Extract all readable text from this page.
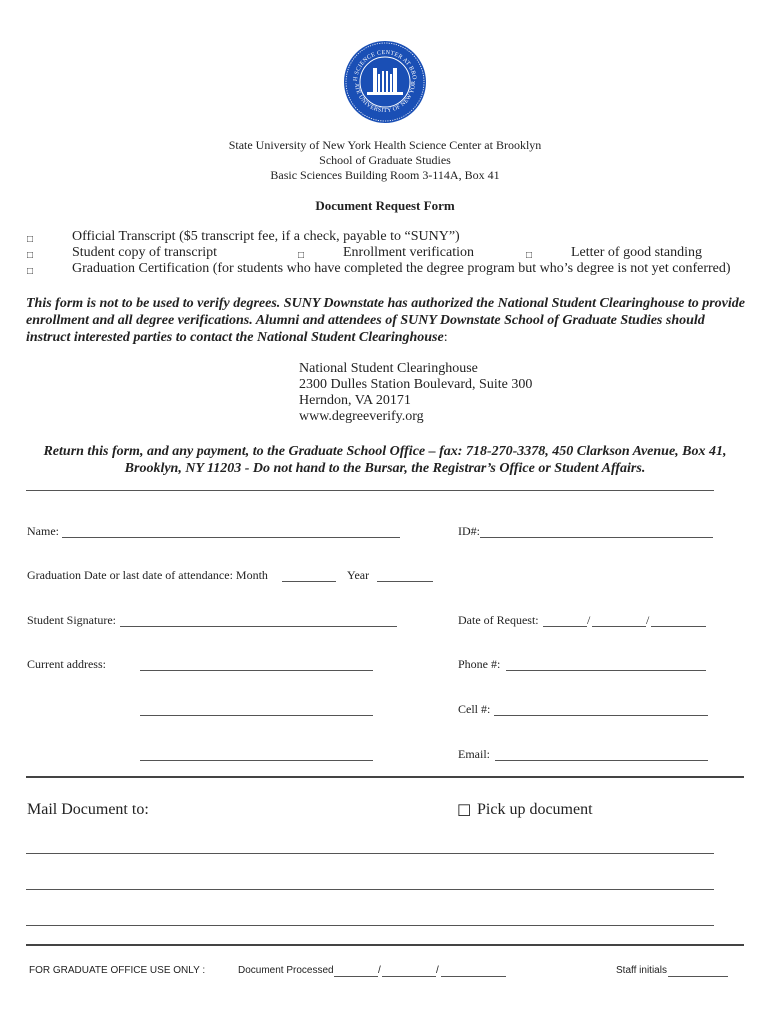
H SCIENCE CENTER AT BRO
ATE UNIVERSITY OF NEW YOR
State University of New York Health Science Center at Brooklyn
School of Graduate Studies
Basic Sciences Building Room 3-114A, Box 41
Document Request Form
□	Official Transcript ($5 transcript fee, if a check, payable to “SUNY”)
□	Student copy of transcript	□	Enrollment verification	□	Letter of good standing
□	Graduation Certification (for students who have completed the degree program but who’s degree is not yet conferred)
This form is not to be used to verify degrees. SUNY Downstate has authorized the National Student Clearinghouse to provide
enrollment and all degree verifications. Alumni and attendees of SUNY Downstate School of Graduate Studies should
instruct interested parties to contact the National Student Clearinghouse:
National Student Clearinghouse
2300 Dulles Station Boulevard, Suite 300
Herndon, VA 20171
www.degreeverify.org
Return this form, and any payment, to the Graduate School Office – fax: 718-270-3378, 450 Clarkson Avenue, Box 41,
Brooklyn, NY 11203 - Do not hand to the Bursar, the Registrar’s Office or Student Affairs.
Name:	ID#:
Graduation Date or last date of attendance: Month	Year
Student Signature:	Date of Request:	/	/
Current address:	Phone #:
Cell #:
Email:
Mail Document to:	☐ Pick up document
FOR GRADUATE OFFICE USE ONLY :	Document Processed	/	/	Staff initials
